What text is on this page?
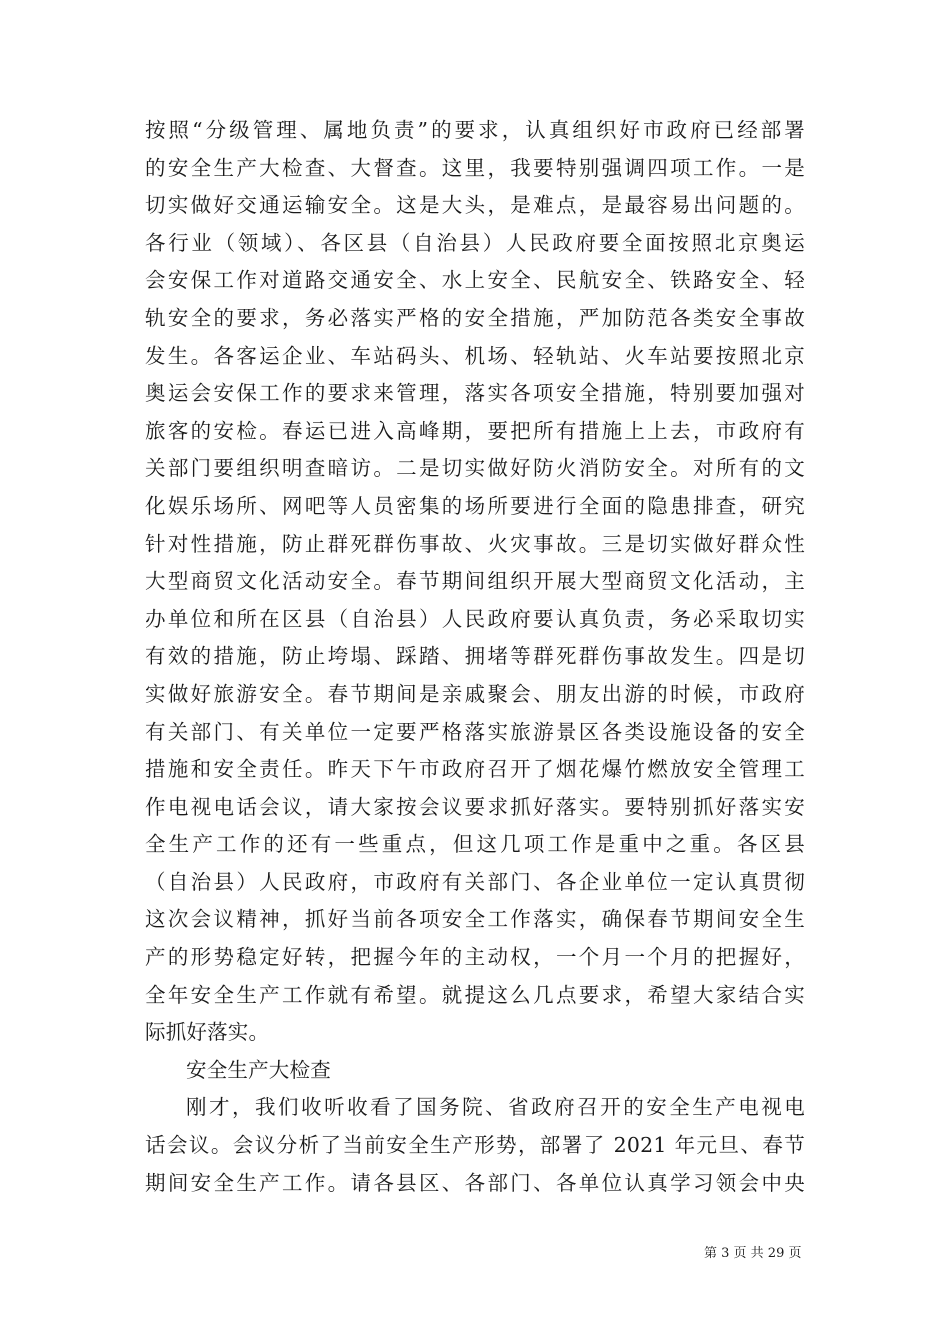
按照“分级管理、属地负责”的要求，认真组织好市政府已经部署
的安全生产大检查、大督查。这里，我要特别强调四项工作。一是
切实做好交通运输安全。这是大头，是难点，是最容易出问题的。
各行业（领域）、各区县（自治县）人民政府要全面按照北京奥运
会安保工作对道路交通安全、水上安全、民航安全、铁路安全、轻
轨安全的要求，务必落实严格的安全措施，严加防范各类安全事故
发生。各客运企业、车站码头、机场、轻轨站、火车站要按照北京
奥运会安保工作的要求来管理，落实各项安全措施，特别要加强对
旅客的安检。春运已进入高峰期，要把所有措施上上去，市政府有
关部门要组织明查暗访。二是切实做好防火消防安全。对所有的文
化娱乐场所、网吧等人员密集的场所要进行全面的隐患排查，研究
针对性措施，防止群死群伤事故、火灾事故。三是切实做好群众性
大型商贸文化活动安全。春节期间组织开展大型商贸文化活动，主
办单位和所在区县（自治县）人民政府要认真负责，务必采取切实
有效的措施，防止垮塌、踩踏、拥堵等群死群伤事故发生。四是切
实做好旅游安全。春节期间是亲戚聚会、朋友出游的时候，市政府
有关部门、有关单位一定要严格落实旅游景区各类设施设备的安全
措施和安全责任。昨天下午市政府召开了烟花爆竹燃放安全管理工
作电视电话会议，请大家按会议要求抓好落实。要特别抓好落实安
全生产工作的还有一些重点，但这几项工作是重中之重。各区县
（自治县）人民政府，市政府有关部门、各企业单位一定认真贯彻
这次会议精神，抓好当前各项安全工作落实，确保春节期间安全生
产的形势稳定好转，把握今年的主动权，一个月一个月的把握好，
全年安全生产工作就有希望。就提这么几点要求，希望大家结合实
际抓好落实。
安全生产大检查
刚才，我们收听收看了国务院、省政府召开的安全生产电视电
话会议。会议分析了当前安全生产形势，部署了 2021 年元旦、春节
期间安全生产工作。请各县区、各部门、各单位认真学习领会中央
第 3 页 共 29 页
